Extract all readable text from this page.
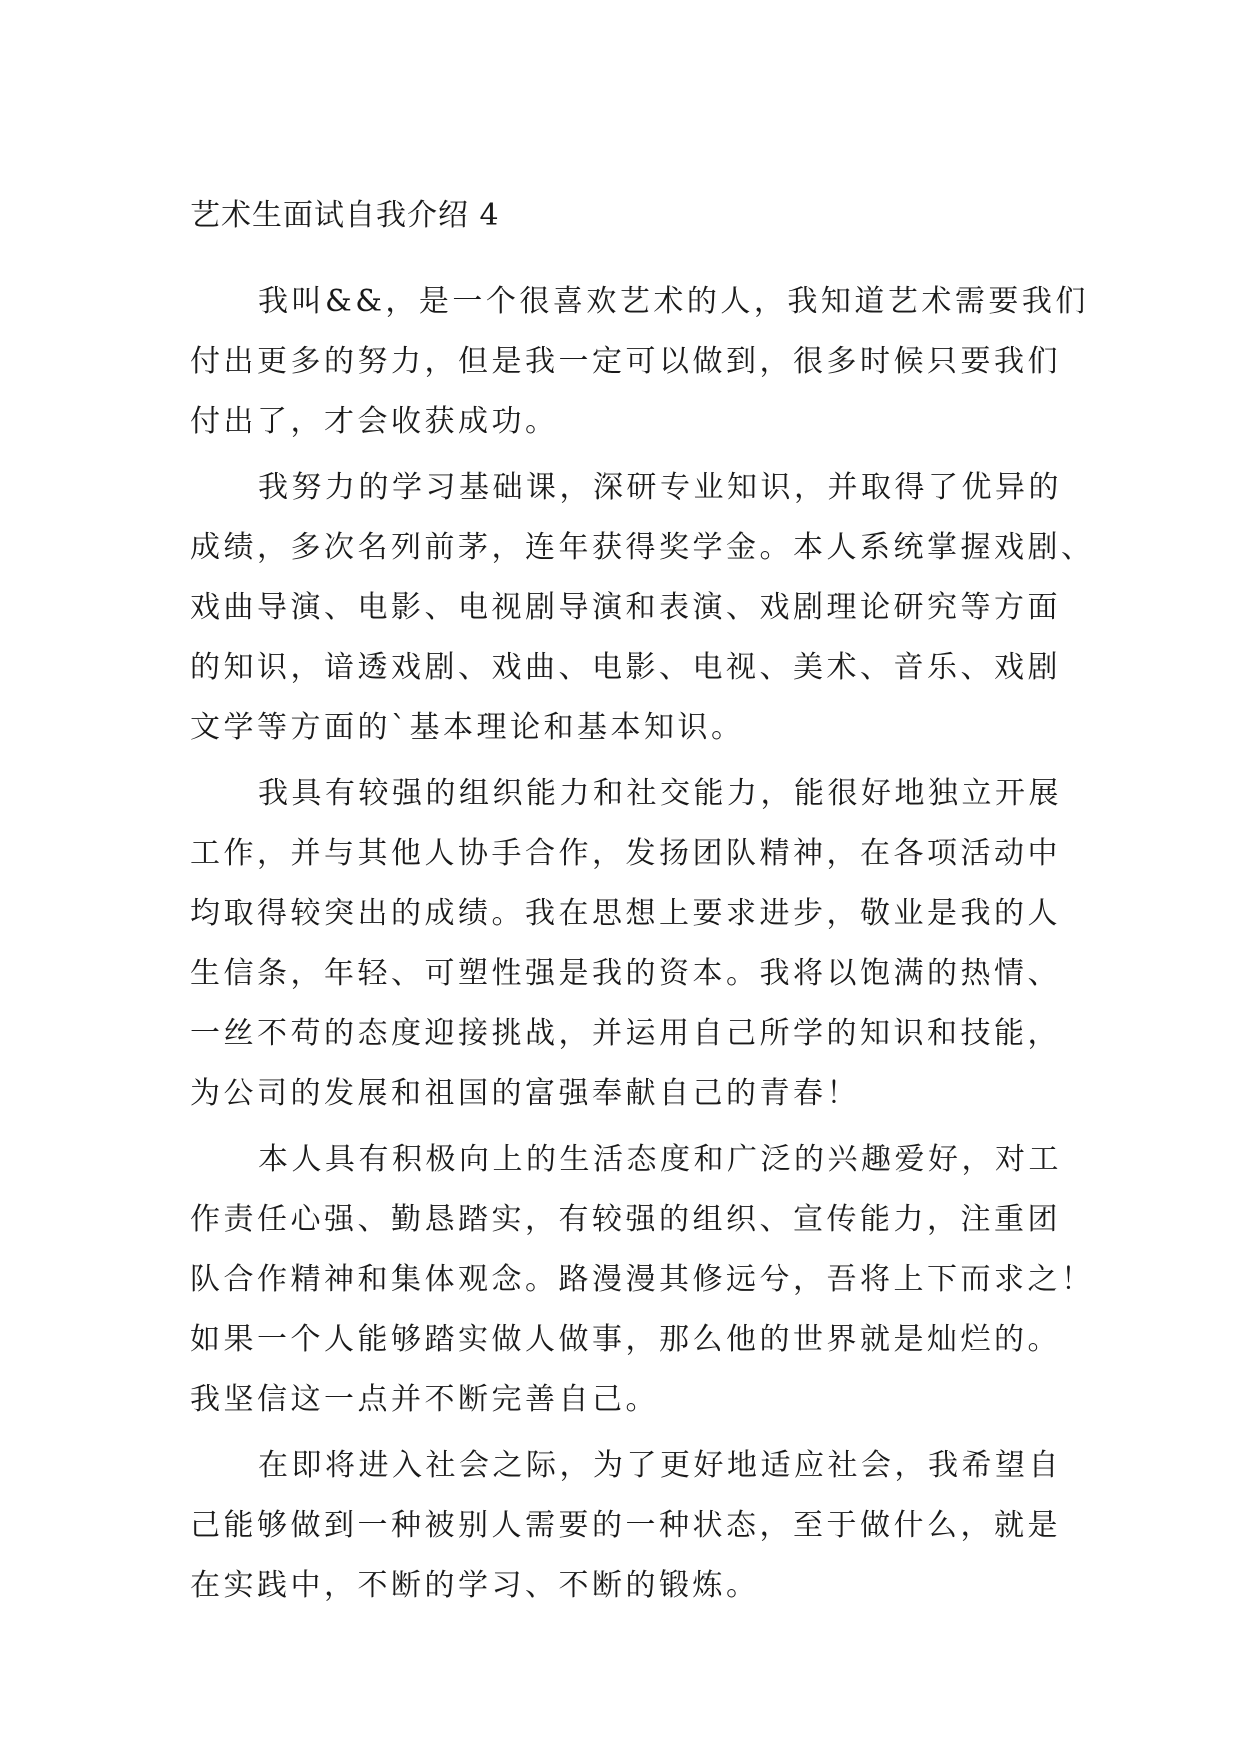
艺术生面试自我介绍 4
我叫&&，是一个很喜欢艺术的人，我知道艺术需要我们
付出更多的努力，但是我一定可以做到，很多时候只要我们
付出了，才会收获成功。
我努力的学习基础课，深研专业知识，并取得了优异的
成绩，多次名列前茅，连年获得奖学金。本人系统掌握戏剧、
戏曲导演、电影、电视剧导演和表演、戏剧理论研究等方面
的知识，谙透戏剧、戏曲、电影、电视、美术、音乐、戏剧
文学等方面的`基本理论和基本知识。
我具有较强的组织能力和社交能力，能很好地独立开展
工作，并与其他人协手合作，发扬团队精神，在各项活动中
均取得较突出的成绩。我在思想上要求进步，敬业是我的人
生信条，年轻、可塑性强是我的资本。我将以饱满的热情、
一丝不苟的态度迎接挑战，并运用自己所学的知识和技能，
为公司的发展和祖国的富强奉献自己的青春！
本人具有积极向上的生活态度和广泛的兴趣爱好，对工
作责任心强、勤恳踏实，有较强的组织、宣传能力，注重团
队合作精神和集体观念。路漫漫其修远兮，吾将上下而求之！
如果一个人能够踏实做人做事，那么他的世界就是灿烂的。
我坚信这一点并不断完善自己。
在即将进入社会之际，为了更好地适应社会，我希望自
己能够做到一种被别人需要的一种状态，至于做什么，就是
在实践中，不断的学习、不断的锻炼。
